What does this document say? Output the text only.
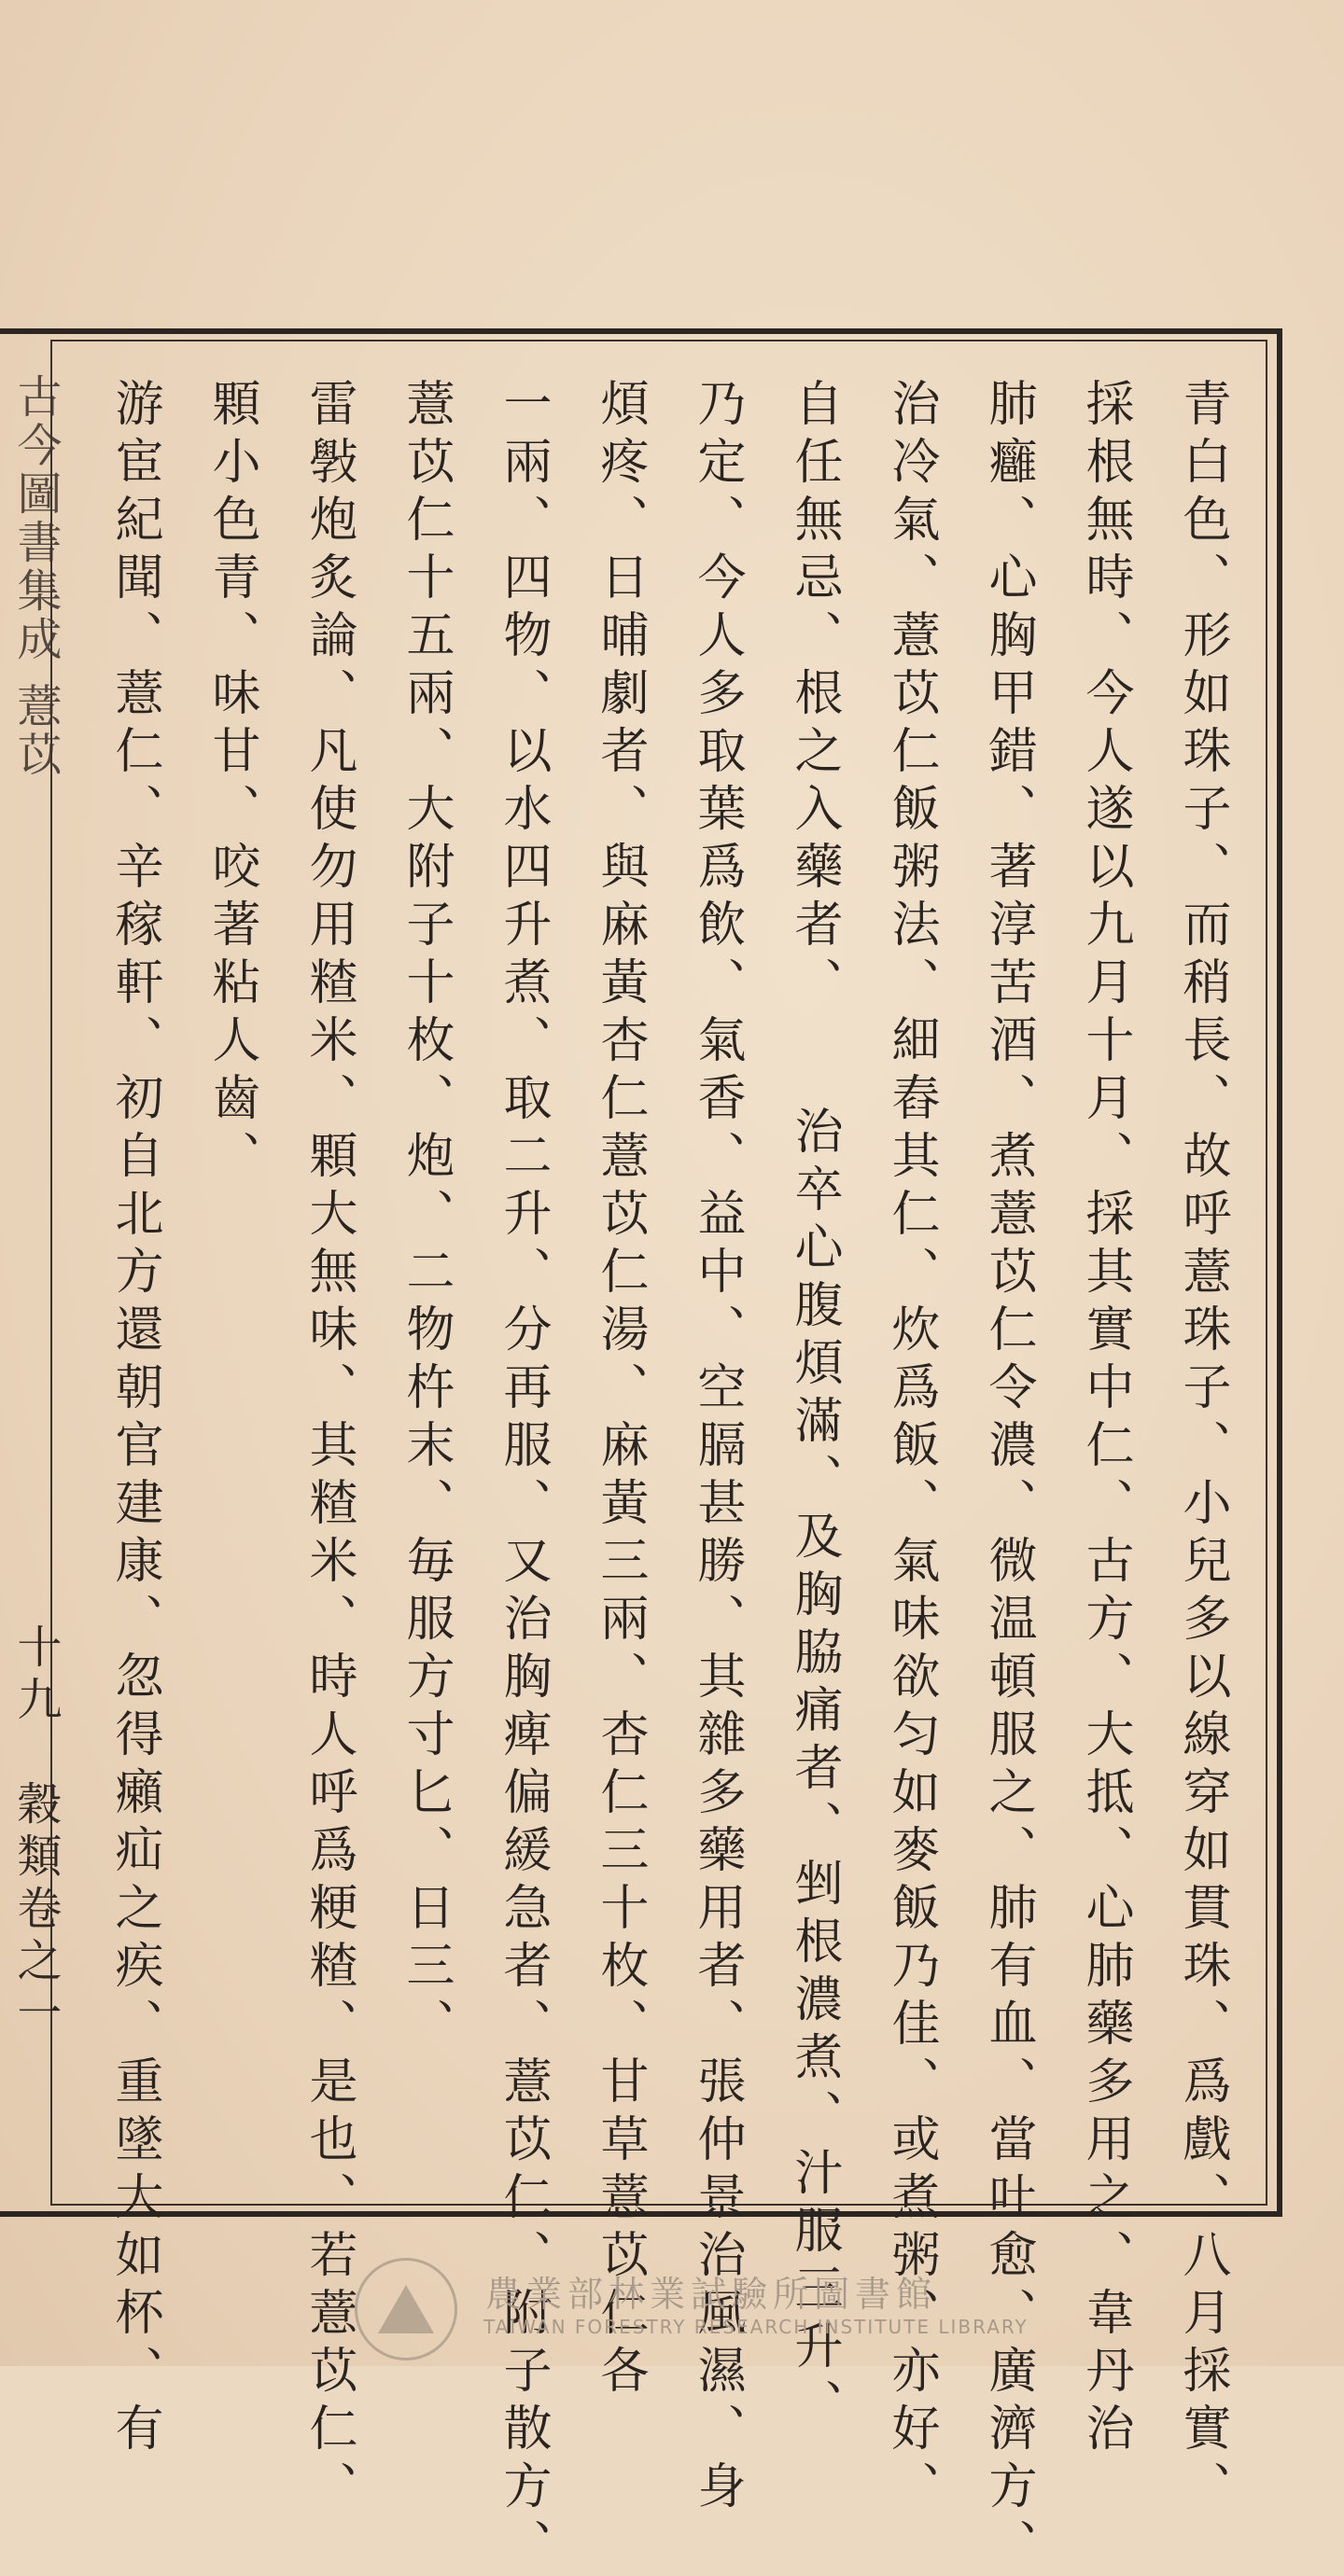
古今圖書集成 薏苡
十九　穀類卷之一	青白色、形如珠子、而稍長、故呼薏珠子、小兒多以線穿如貫珠、爲戲、八月採實、
採根無時、今人遂以九月十月、採其實中仁、古方、大抵、心肺藥多用之、韋丹治
肺癰、心胸甲錯、著淳苦酒、煮薏苡仁令濃、微温頓服之、肺有血、當吐愈、廣濟方、
治冷氣、薏苡仁飯粥法、細舂其仁、炊爲飯、氣味欲匀如麥飯乃佳、或煮粥、亦好、
自任無忌、根之入藥者、　　治卒心腹煩滿、及胸脇痛者、剉根濃煮、汁服三升、
乃定、今人多取葉爲飲、氣香、益中、空膈甚勝、其雜多藥用者、張仲景治風濕、身
煩疼、日晡劇者、與麻黃杏仁薏苡仁湯、麻黃三兩、杏仁三十枚、甘草薏苡仁各
一兩、四物、以水四升煮、取二升、分再服、又治胸痺偏緩急者、薏苡仁、附子散方、
薏苡仁十五兩、大附子十枚、炮、二物杵末、毎服方寸匕、日三、
雷斅炮炙論、凡使勿用𥻗米、顆大無味、其𥻗米、時人呼爲粳𥻗、是也、若薏苡仁、
顆小色青、味甘、咬著粘人齒、
游宦紀聞、薏仁、辛稼軒、初自北方還朝官建康、忽得癩疝之疾、重墜大如杯、有	農業部林業試驗所圖書館
TAIWAN FORESTRY RESEARCH INSTITUTE LIBRARY
